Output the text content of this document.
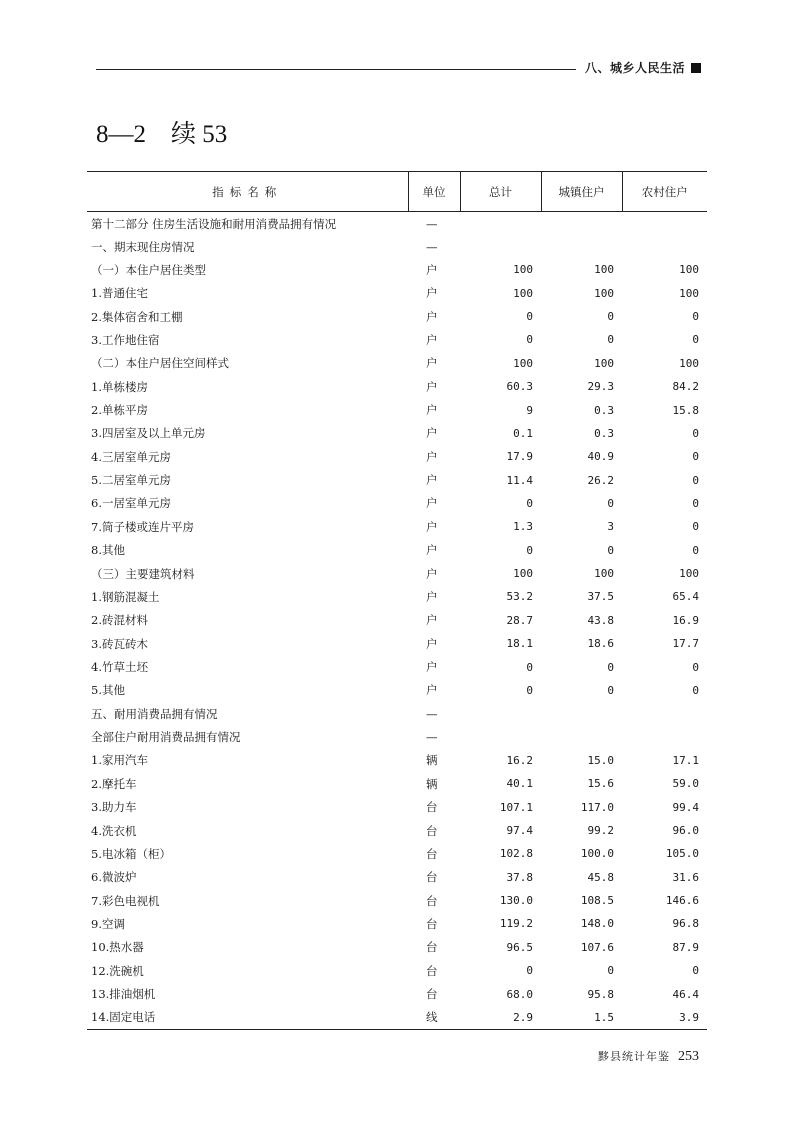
八、城乡人民生活
8—2　续 53
指标名称	单位	总计	城镇住户	农村住户
第十二部分 住房生活设施和耐用消费品拥有情况	—			
一、期末现住房情况	—			
（一）本住户居住类型	户	100	100	100
1.普通住宅	户	100	100	100
2.集体宿舍和工棚	户	0	0	0
3.工作地住宿	户	0	0	0
（二）本住户居住空间样式	户	100	100	100
1.单栋楼房	户	60.3	29.3	84.2
2.单栋平房	户	9	0.3	15.8
3.四居室及以上单元房	户	0.1	0.3	0
4.三居室单元房	户	17.9	40.9	0
5.二居室单元房	户	11.4	26.2	0
6.一居室单元房	户	0	0	0
7.筒子楼或连片平房	户	1.3	3	0
8.其他	户	0	0	0
（三）主要建筑材料	户	100	100	100
1.钢筋混凝土	户	53.2	37.5	65.4
2.砖混材料	户	28.7	43.8	16.9
3.砖瓦砖木	户	18.1	18.6	17.7
4.竹草土坯	户	0	0	0
5.其他	户	0	0	0
五、耐用消费品拥有情况	—			
全部住户耐用消费品拥有情况	—			
1.家用汽车	辆	16.2	15.0	17.1
2.摩托车	辆	40.1	15.6	59.0
3.助力车	台	107.1	117.0	99.4
4.洗衣机	台	97.4	99.2	96.0
5.电冰箱（柜）	台	102.8	100.0	105.0
6.微波炉	台	37.8	45.8	31.6
7.彩色电视机	台	130.0	108.5	146.6
9.空调	台	119.2	148.0	96.8
10.热水器	台	96.5	107.6	87.9
12.洗碗机	台	0	0	0
13.排油烟机	台	68.0	95.8	46.4
14.固定电话	线	2.9	1.5	3.9
黟县统计年鉴 253
